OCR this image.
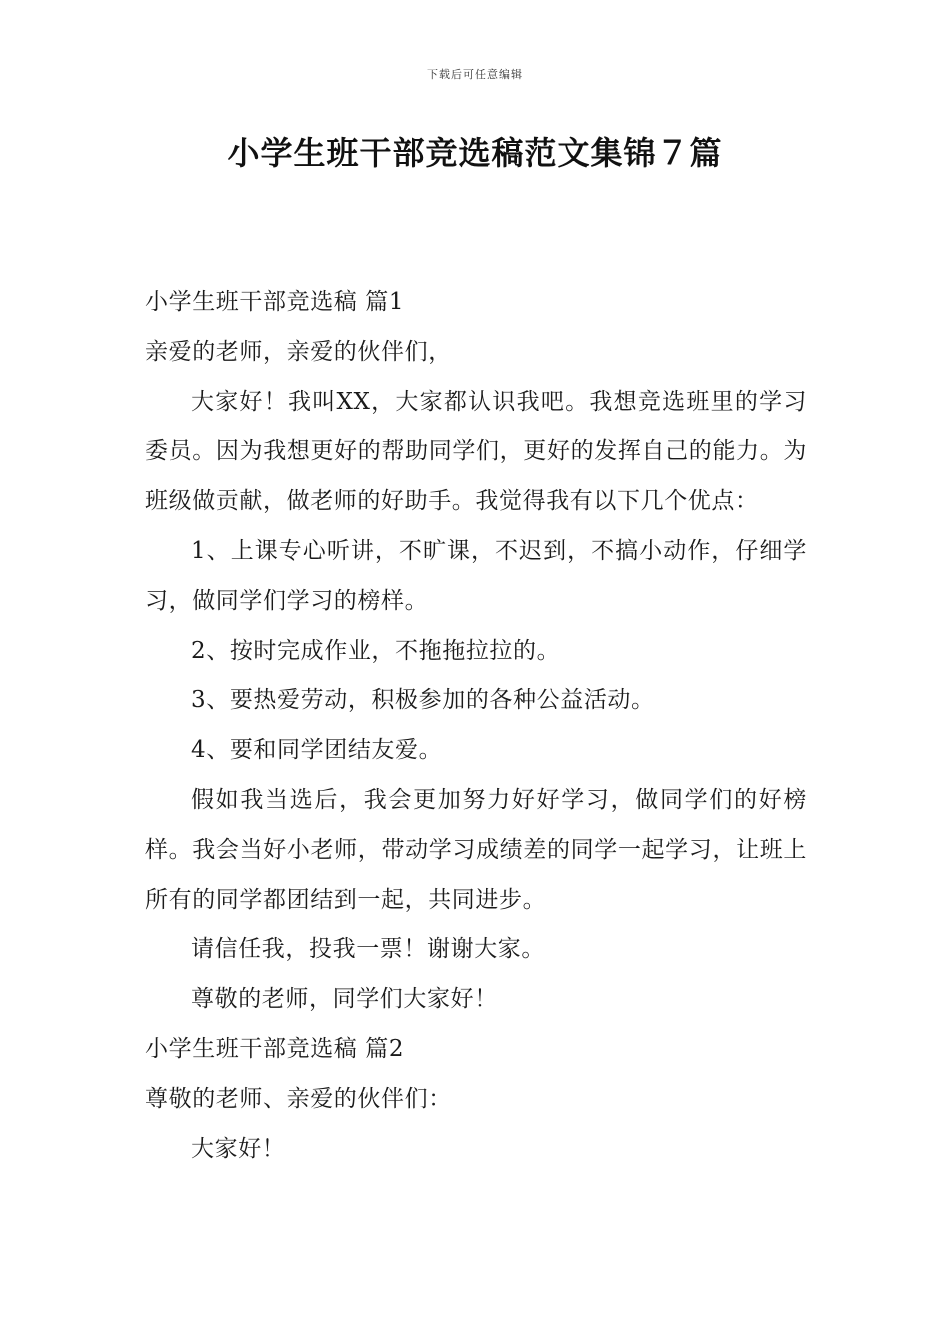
下载后可任意编辑
小学生班干部竞选稿范文集锦７篇

小学生班干部竞选稿 篇1

亲爱的老师，亲爱的伙伴们，

大家好！我叫XX，大家都认识我吧。我想竞选班里的学习委员。因为我想更好的帮助同学们，更好的发挥自己的能力。为班级做贡献，做老师的好助手。我觉得我有以下几个优点：

1、上课专心听讲，不旷课，不迟到，不搞小动作，仔细学习，做同学们学习的榜样。

2、按时完成作业，不拖拖拉拉的。

3、要热爱劳动，积极参加的各种公益活动。

4、要和同学团结友爱。

假如我当选后，我会更加努力好好学习，做同学们的好榜样。我会当好小老师，带动学习成绩差的同学一起学习，让班上所有的同学都团结到一起，共同进步。

请信任我，投我一票！谢谢大家。

尊敬的老师，同学们大家好！

小学生班干部竞选稿 篇2

尊敬的老师、亲爱的伙伴们：

大家好！
